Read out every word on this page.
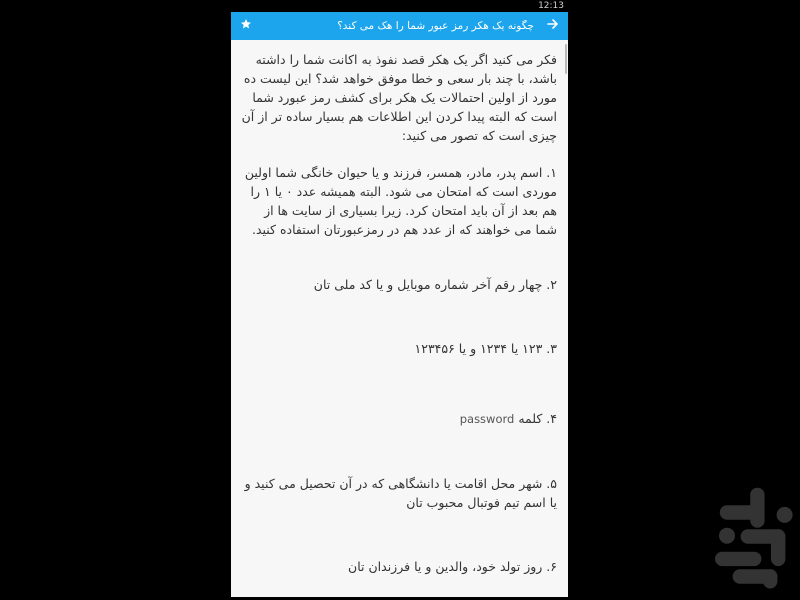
12:13
چگونه یک هکر رمز عبور شما را هک می کند؟

فکر می کنید اگر یک هکر قصد نفوذ به اکانت شما را داشته باشد، با چند بار سعی و خطا موفق خواهد شد؟ این لیست ده مورد از اولین احتمالات یک هکر برای کشف رمز عبورد شما است که البته پیدا کردن این اطلاعات هم بسیار ساده تر از آن چیزی است که تصور می کنید:

۱. اسم پدر، مادر، همسر، فرزند و یا حیوان خانگی شما اولین موردی است که امتحان می شود. البته همیشه عدد ۰ یا ۱ را هم بعد از آن باید امتحان کرد. زیرا بسیاری از سایت ها از شما می خواهند که از عدد هم در رمزعبورتان استفاده کنید.

۲. چهار رقم آخر شماره موبایل و یا کد ملی تان

۳. ۱۲۳ یا ۱۲۳۴ و یا ۱۲۳۴۵۶

۴. کلمه password

۵. شهر محل اقامت یا دانشگاهی که در آن تحصیل می کنید و یا اسم تیم فوتبال محبوب تان

۶. روز تولد خود، والدین و یا فرزندان تان
